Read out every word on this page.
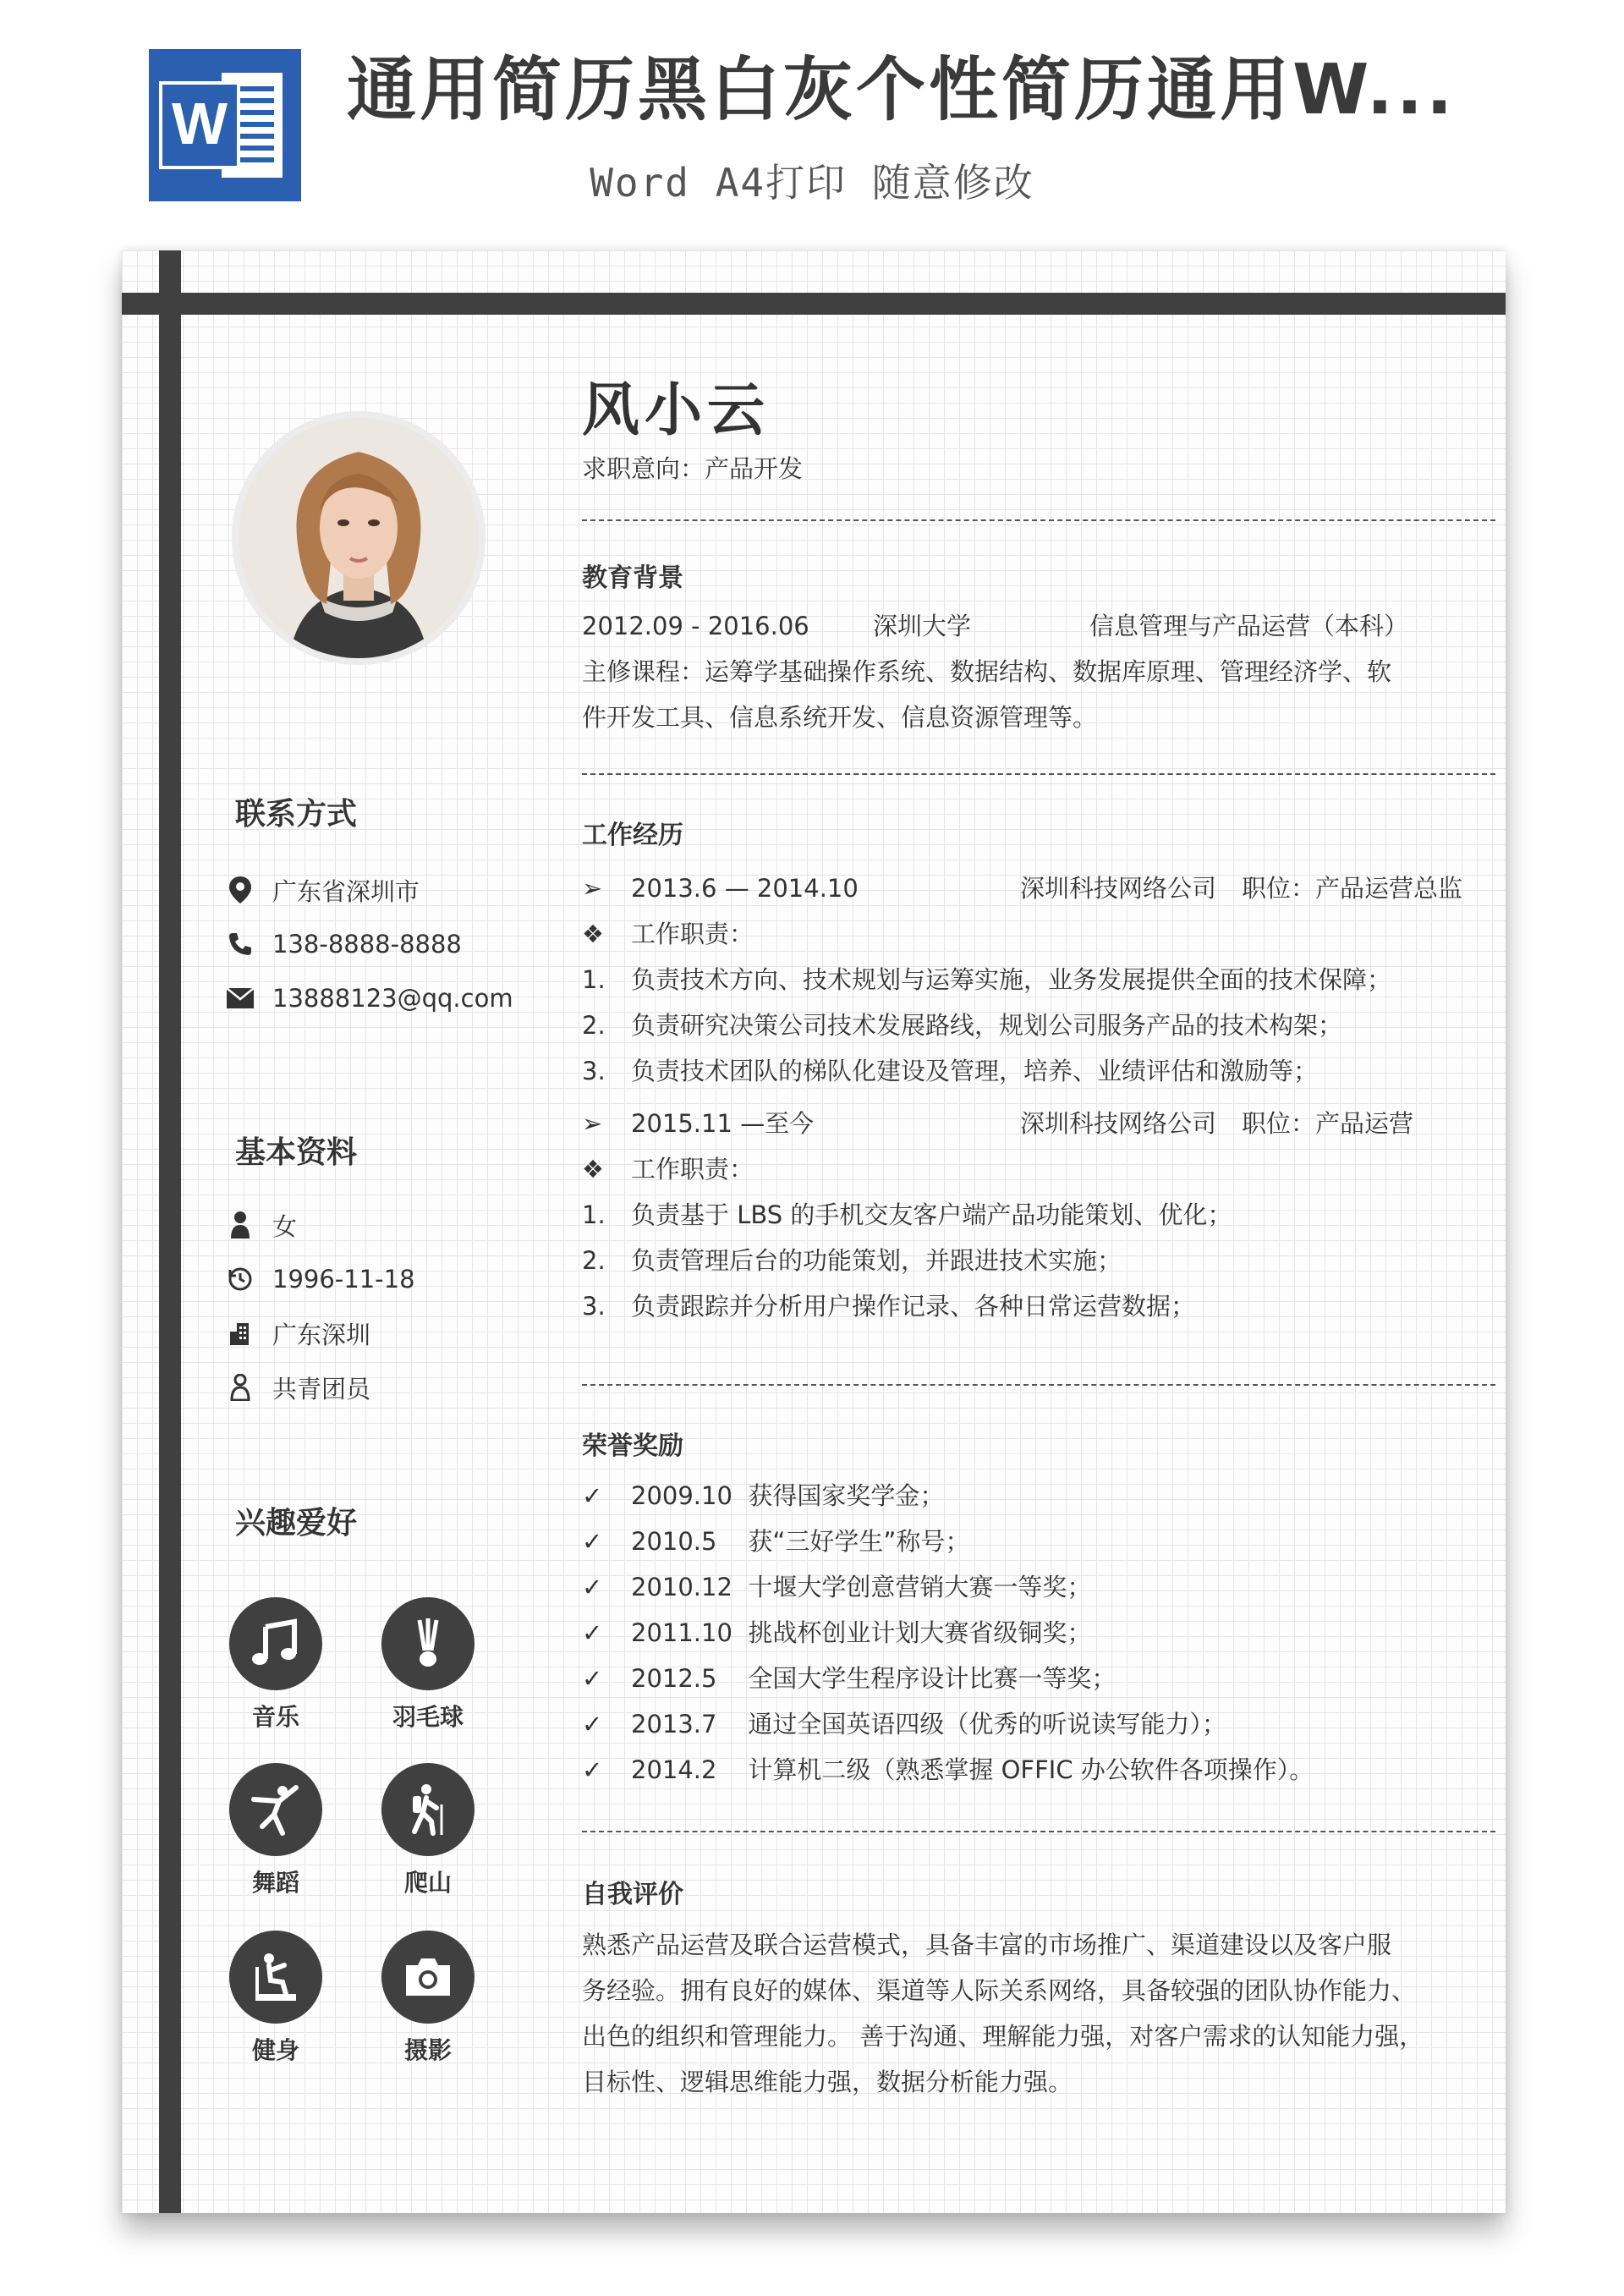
W 通用简历黑白灰个性简历通用W...
Word A4打印 随意修改
联系方式
广东省深圳市
138-8888-8888
13888123@qq.com
基本资料
女
1996-11-18
广东深圳
共青团员
兴趣爱好
音乐	羽毛球
舞蹈	爬山
健身	摄影
风小云
求职意向：产品开发
教育背景
2012.09 - 2016.06	深圳大学	信息管理与产品运营（本科）
主修课程：运筹学基础操作系统、数据结构、数据库原理、管理经济学、软
件开发工具、信息系统开发、信息资源管理等。
工作经历
➢ 2013.6 — 2014.10	深圳科技网络公司 职位：产品运营总监
❖ 工作职责：
1. 负责技术方向、技术规划与运筹实施，业务发展提供全面的技术保障；
2. 负责研究决策公司技术发展路线，规划公司服务产品的技术构架；
3. 负责技术团队的梯队化建设及管理，培养、业绩评估和激励等；
➢ 2015.11 —至今	深圳科技网络公司 职位：产品运营
❖ 工作职责：
1. 负责基于 LBS 的手机交友客户端产品功能策划、优化；
2. 负责管理后台的功能策划，并跟进技术实施；
3. 负责跟踪并分析用户操作记录、各种日常运营数据；
荣誉奖励
✓ 2009.10 获得国家奖学金；
✓ 2010.5 获“三好学生”称号；
✓ 2010.12 十堰大学创意营销大赛一等奖；
✓ 2011.10 挑战杯创业计划大赛省级铜奖；
✓ 2012.5 全国大学生程序设计比赛一等奖；
✓ 2013.7 通过全国英语四级（优秀的听说读写能力）；
✓ 2014.2 计算机二级（熟悉掌握 OFFIC 办公软件各项操作）。
自我评价
熟悉产品运营及联合运营模式，具备丰富的市场推广、渠道建设以及客户服
务经验。拥有良好的媒体、渠道等人际关系网络，具备较强的团队协作能力、
出色的组织和管理能力。 善于沟通、理解能力强，对客户需求的认知能力强，
目标性、逻辑思维能力强，数据分析能力强。
